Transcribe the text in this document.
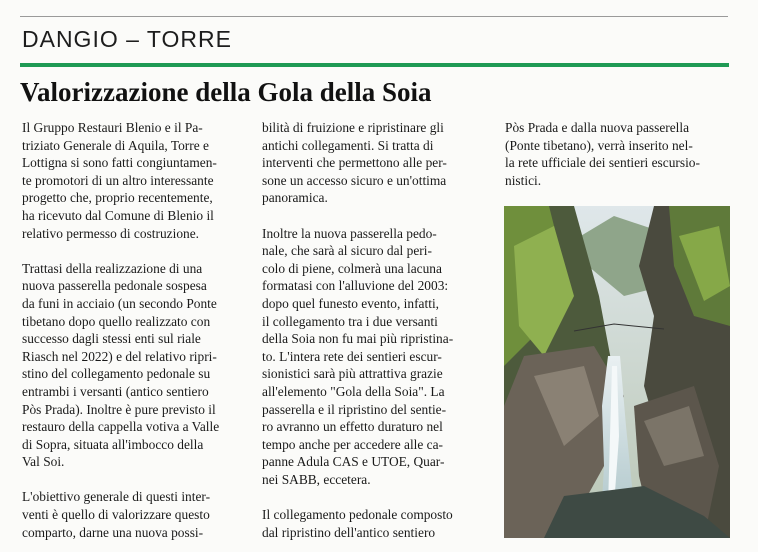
DANGIO – TORRE
Valorizzazione della Gola della Soia
Il Gruppo Restauri Blenio e il Pa-
triziato Generale di Aquila, Torre e
Lottigna si sono fatti congiuntamen-
te promotori di un altro interessante
progetto che, proprio recentemente,
ha ricevuto dal Comune di Blenio il
relativo permesso di costruzione.
Trattasi della realizzazione di una
nuova passerella pedonale sospesa
da funi in acciaio (un secondo Ponte
tibetano dopo quello realizzato con
successo dagli stessi enti sul riale
Riasch nel 2022) e del relativo ripri-
stino del collegamento pedonale su
entrambi i versanti (antico sentiero
Pòs Prada). Inoltre è pure previsto il
restauro della cappella votiva a Valle
di Sopra, situata all'imbocco della
Val Soi.
L'obiettivo generale di questi inter-
venti è quello di valorizzare questo
comparto, darne una nuova possi-
bilità di fruizione e ripristinare gli
antichi collegamenti. Si tratta di
interventi che permettono alle per-
sone un accesso sicuro e un'ottima
panoramica.
Inoltre la nuova passerella pedo-
nale, che sarà al sicuro dal peri-
colo di piene, colmerà una lacuna
formatasi con l'alluvione del 2003:
dopo quel funesto evento, infatti,
il collegamento tra i due versanti
della Soia non fu mai più ripristina-
to. L'intera rete dei sentieri escur-
sionistici sarà più attrattiva grazie
all'elemento "Gola della Soia". La
passerella e il ripristino del sentie-
ro avranno un effetto duraturo nel
tempo anche per accedere alle ca-
panne Adula CAS e UTOE, Quar-
nei SABB, eccetera.
Il collegamento pedonale composto
dal ripristino dell'antico sentiero
Pòs Prada e dalla nuova passerella
(Ponte tibetano), verrà inserito nel-
la rete ufficiale dei sentieri escursio-
nistici.
